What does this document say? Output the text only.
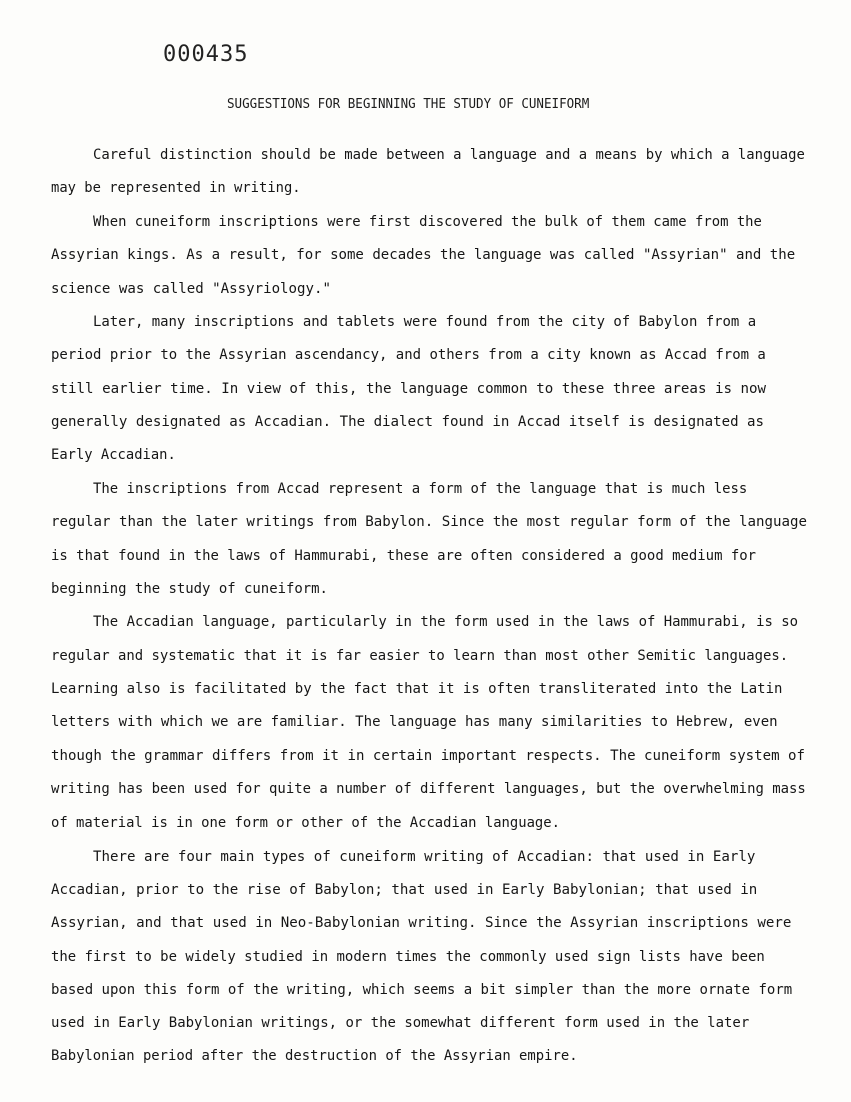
000435
SUGGESTIONS FOR BEGINNING THE STUDY OF CUNEIFORM
Careful distinction should be made between a language and a means by which a language
may be represented in writing.
When cuneiform inscriptions were first discovered the bulk of them came from the
Assyrian kings. As a result, for some decades the language was called "Assyrian" and the
science was called "Assyriology."
Later, many inscriptions and tablets were found from the city of Babylon from a
period prior to the Assyrian ascendancy, and others from a city known as Accad from a
still earlier time. In view of this, the language common to these three areas is now
generally designated as Accadian. The dialect found in Accad itself is designated as
Early Accadian.
The inscriptions from Accad represent a form of the language that is much less
regular than the later writings from Babylon. Since the most regular form of the language
is that found in the laws of Hammurabi, these are often considered a good medium for
beginning the study of cuneiform.
The Accadian language, particularly in the form used in the laws of Hammurabi, is so
regular and systematic that it is far easier to learn than most other Semitic languages.
Learning also is facilitated by the fact that it is often transliterated into the Latin
letters with which we are familiar. The language has many similarities to Hebrew, even
though the grammar differs from it in certain important respects. The cuneiform system of
writing has been used for quite a number of different languages, but the overwhelming mass
of material is in one form or other of the Accadian language.
There are four main types of cuneiform writing of Accadian: that used in Early
Accadian, prior to the rise of Babylon; that used in Early Babylonian; that used in
Assyrian, and that used in Neo-Babylonian writing. Since the Assyrian inscriptions were
the first to be widely studied in modern times the commonly used sign lists have been
based upon this form of the writing, which seems a bit simpler than the more ornate form
used in Early Babylonian writings, or the somewhat different form used in the later
Babylonian period after the destruction of the Assyrian empire.
